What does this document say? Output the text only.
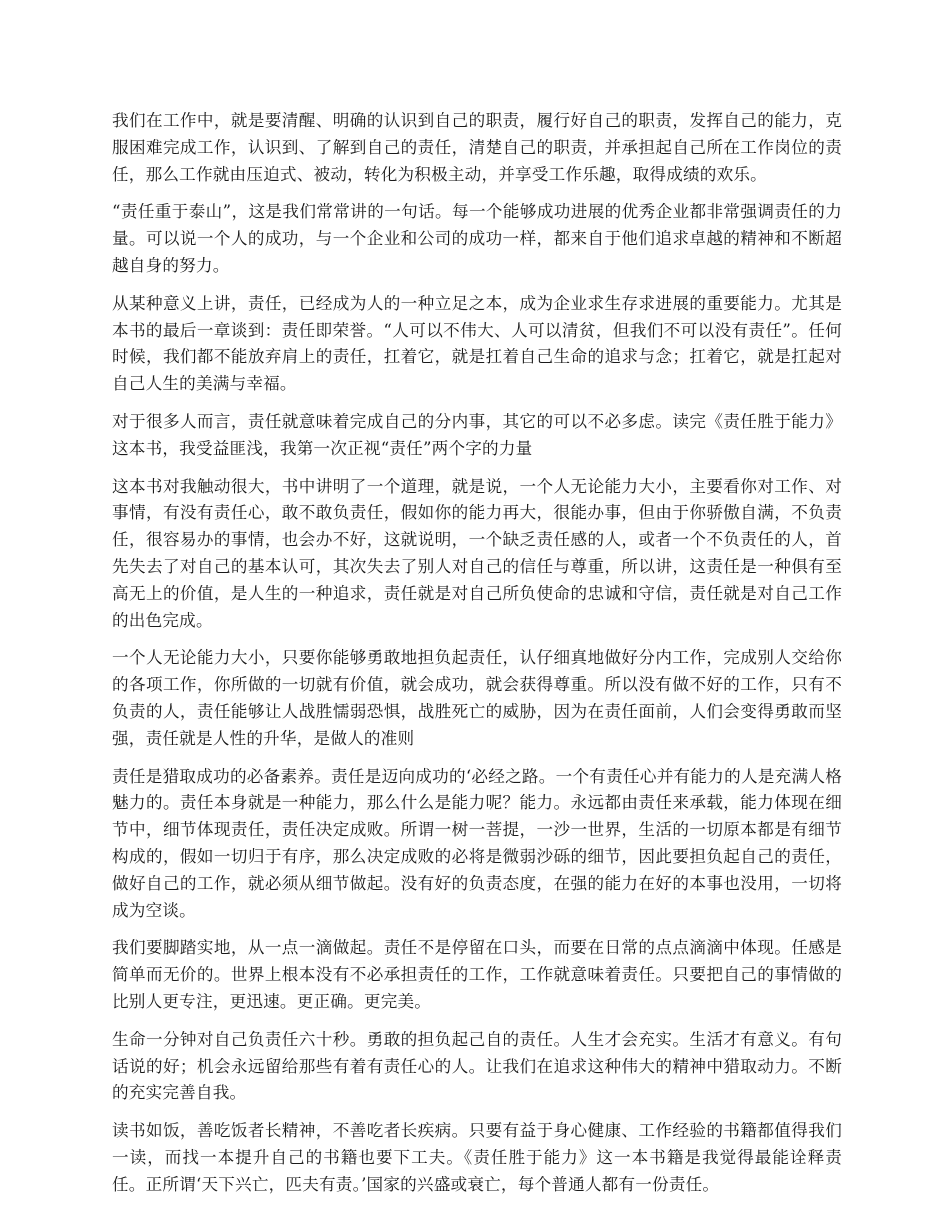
我们在工作中，就是要清醒、明确的认识到自己的职责，履行好自己的职责，发挥自己的能力，克服困难完成工作，认识到、了解到自己的责任，清楚自己的职责，并承担起自己所在工作岗位的责任，那么工作就由压迫式、被动，转化为积极主动，并享受工作乐趣，取得成绩的欢乐。

“责任重于泰山”，这是我们常常讲的一句话。每一个能够成功进展的优秀企业都非常强调责任的力量。可以说一个人的成功，与一个企业和公司的成功一样，都来自于他们追求卓越的精神和不断超越自身的努力。

从某种意义上讲，责任，已经成为人的一种立足之本，成为企业求生存求进展的重要能力。尤其是本书的最后一章谈到：责任即荣誉。“人可以不伟大、人可以清贫，但我们不可以没有责任”。任何时候，我们都不能放弃肩上的责任，扛着它，就是扛着自己生命的追求与念；扛着它，就是扛起对自己人生的美满与幸福。

对于很多人而言，责任就意味着完成自己的分内事，其它的可以不必多虑。读完《责任胜于能力》这本书，我受益匪浅，我第一次正视“责任”两个字的力量

这本书对我触动很大，书中讲明了一个道理，就是说，一个人无论能力大小，主要看你对工作、对事情，有没有责任心，敢不敢负责任，假如你的能力再大，很能办事，但由于你骄傲自满，不负责任，很容易办的事情，也会办不好，这就说明，一个缺乏责任感的人，或者一个不负责任的人，首先失去了对自己的基本认可，其次失去了别人对自己的信任与尊重，所以讲，这责任是一种俱有至高无上的价值，是人生的一种追求，责任就是对自己所负使命的忠诚和守信，责任就是对自己工作的出色完成。

一个人无论能力大小，只要你能够勇敢地担负起责任，认仔细真地做好分内工作，完成别人交给你的各项工作，你所做的一切就有价值，就会成功，就会获得尊重。所以没有做不好的工作，只有不负责的人，责任能够让人战胜懦弱恐惧，战胜死亡的威胁，因为在责任面前，人们会变得勇敢而坚强，责任就是人性的升华，是做人的准则

责任是猎取成功的必备素养。责任是迈向成功的‘必经之路。一个有责任心并有能力的人是充满人格魅力的。责任本身就是一种能力，那么什么是能力呢？能力。永远都由责任来承载，能力体现在细节中，细节体现责任，责任决定成败。所谓一树一菩提，一沙一世界，生活的一切原本都是有细节构成的，假如一切归于有序，那么决定成败的必将是微弱沙砾的细节，因此要担负起自己的责任，做好自己的工作，就必须从细节做起。没有好的负责态度，在强的能力在好的本事也没用，一切将成为空谈。

我们要脚踏实地，从一点一滴做起。责任不是停留在口头，而要在日常的点点滴滴中体现。任感是简单而无价的。世界上根本没有不必承担责任的工作，工作就意味着责任。只要把自己的事情做的比别人更专注，更迅速。更正确。更完美。

生命一分钟对自己负责任六十秒。勇敢的担负起己自的责任。人生才会充实。生活才有意义。有句话说的好；机会永远留给那些有着有责任心的人。让我们在追求这种伟大的精神中猎取动力。不断的充实完善自我。

读书如饭，善吃饭者长精神，不善吃者长疾病。只要有益于身心健康、工作经验的书籍都值得我们一读，而找一本提升自己的书籍也要下工夫。《责任胜于能力》这一本书籍是我觉得最能诠释责任。正所谓‘天下兴亡，匹夫有责。’国家的兴盛或衰亡，每个普通人都有一份责任。
